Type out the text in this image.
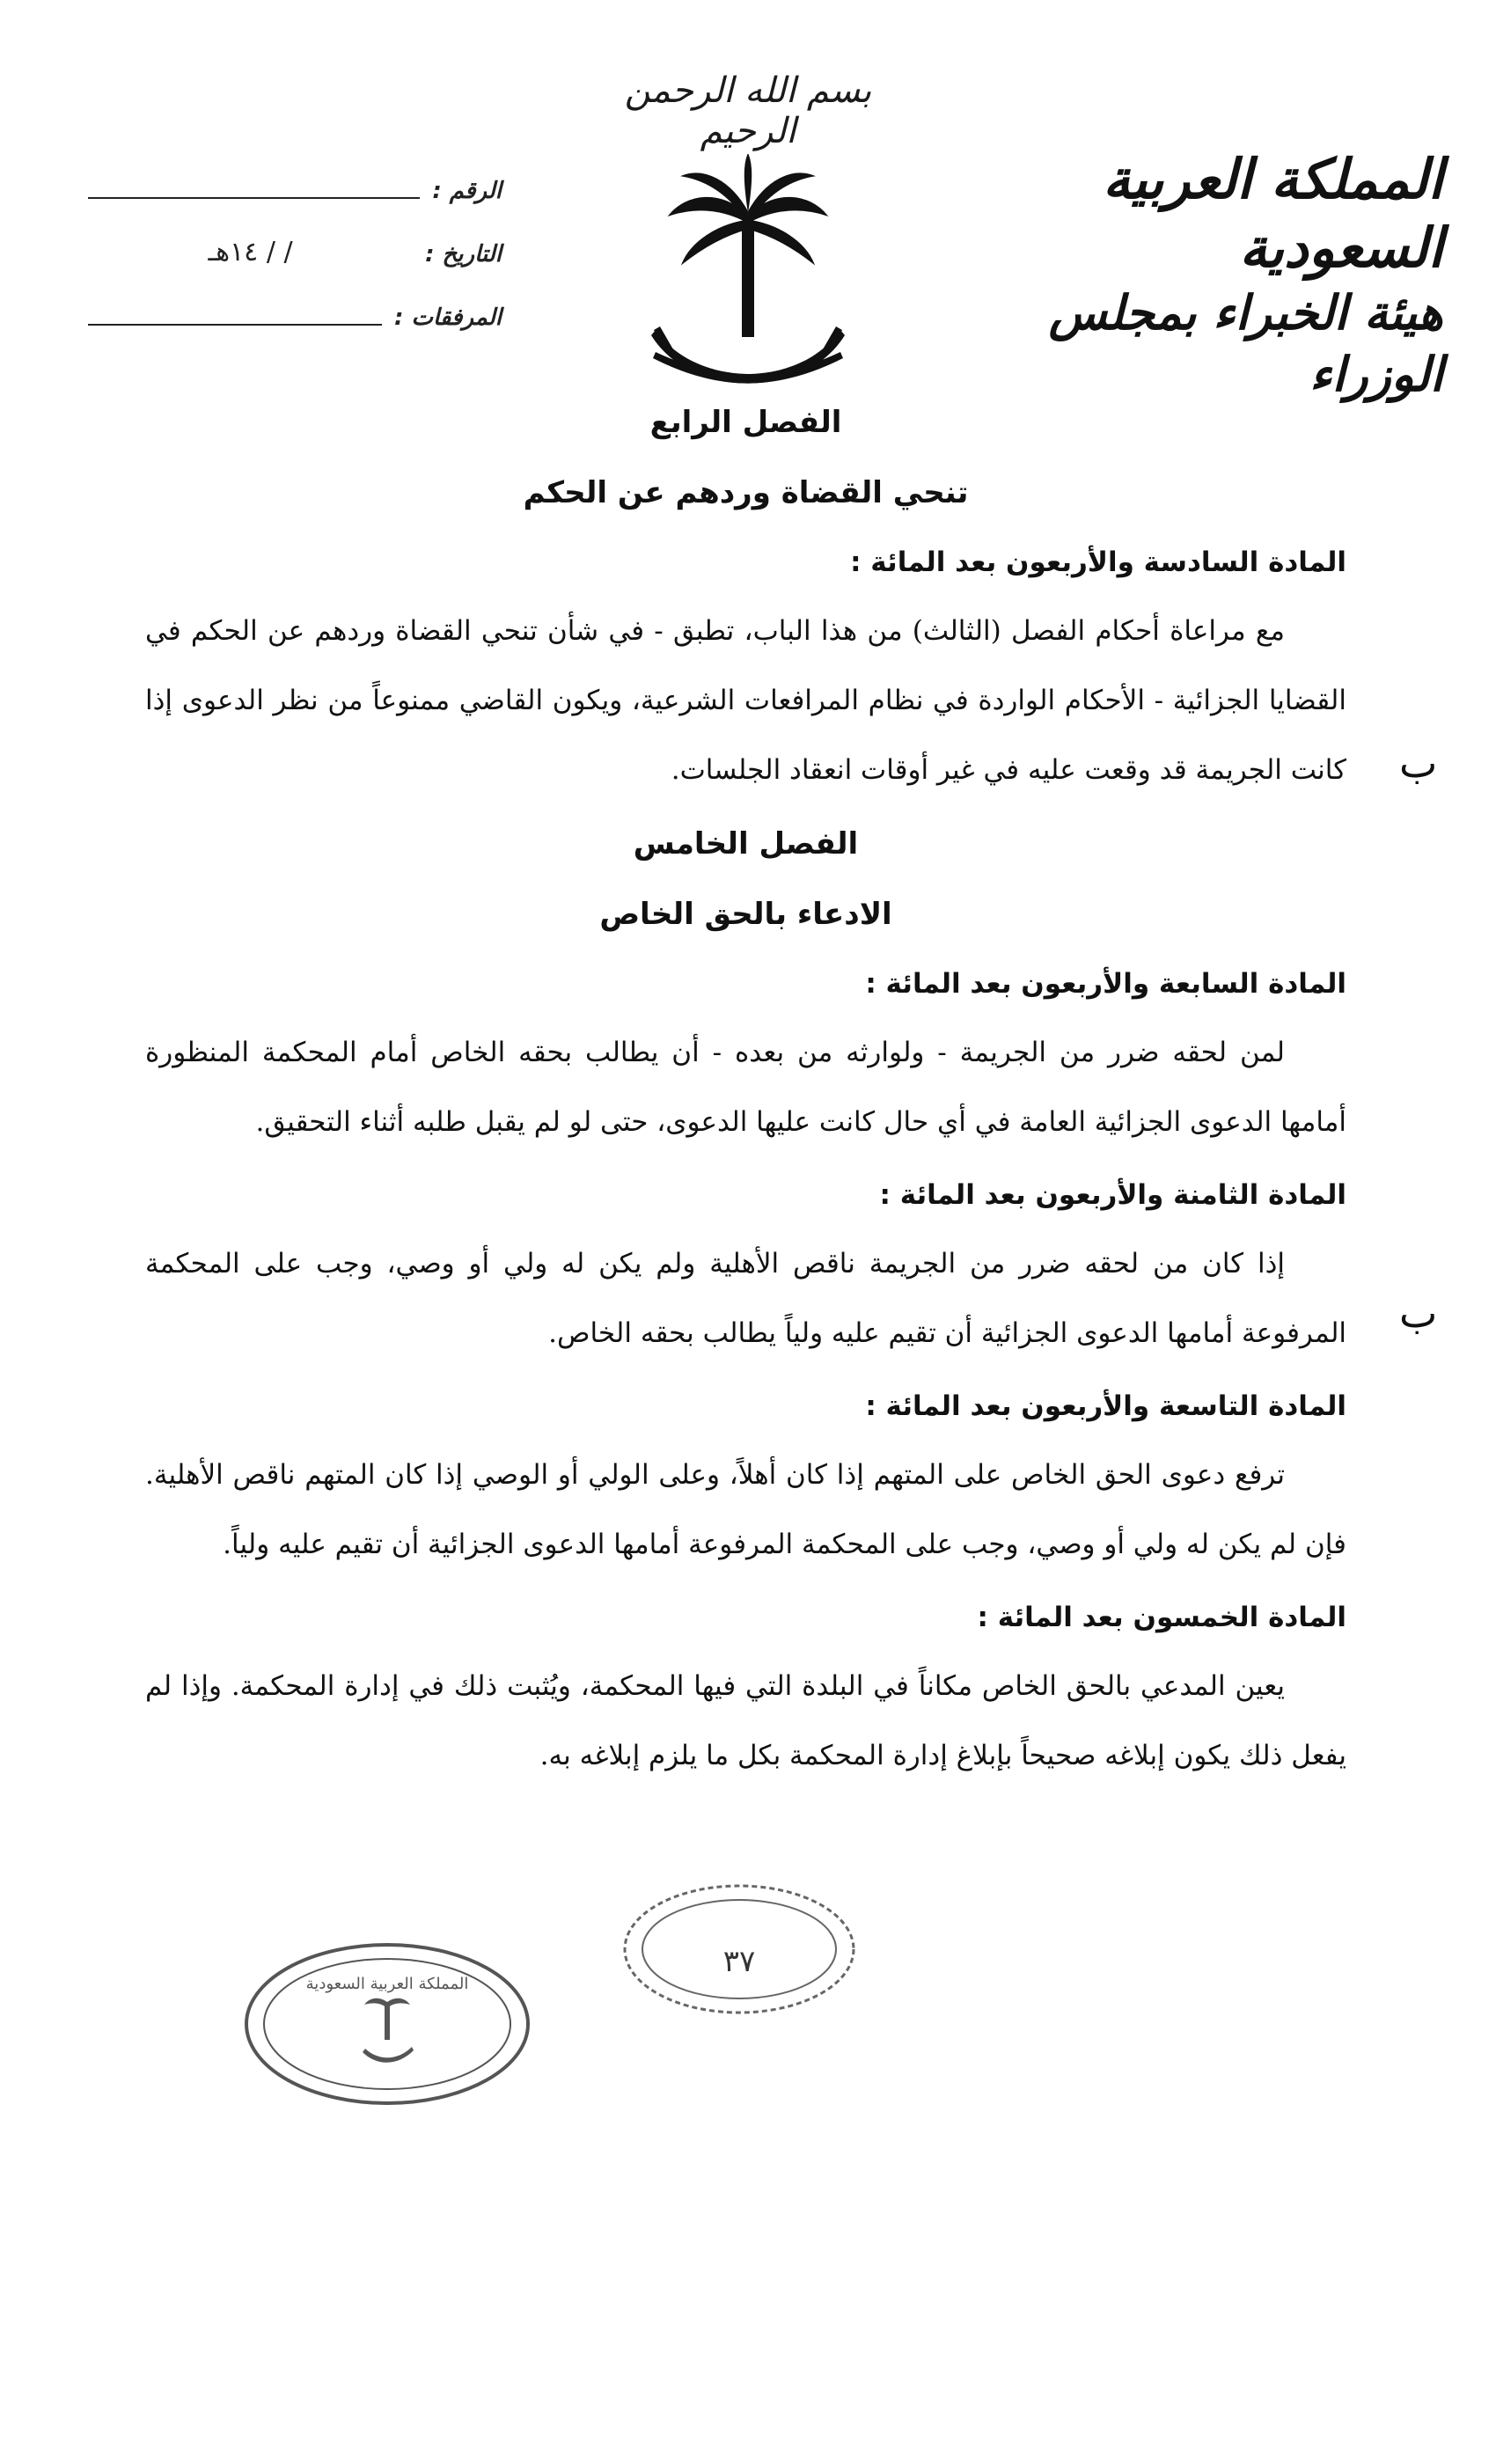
بسم الله الرحمن الرحيم
المملكة العربية السعودية
هيئة الخبراء بمجلس الوزراء
الرقم :
التاريخ :
/ / ١٤هـ
المرفقات :
الفصل الرابع
تنحي القضاة وردهم عن الحكم
المادة السادسة والأربعون بعد المائة :

مع مراعاة أحكام الفصل (الثالث) من هذا الباب، تطبق - في شأن تنحي القضاة وردهم عن الحكم في القضايا الجزائية - الأحكام الواردة في نظام المرافعات الشرعية، ويكون القاضي ممنوعاً من نظر الدعوى إذا كانت الجريمة قد وقعت عليه في غير أوقات انعقاد الجلسات.

الفصل الخامس
الادعاء بالحق الخاص
المادة السابعة والأربعون بعد المائة :

لمن لحقه ضرر من الجريمة - ولوارثه من بعده - أن يطالب بحقه الخاص أمام المحكمة المنظورة أمامها الدعوى الجزائية العامة في أي حال كانت عليها الدعوى، حتى لو لم يقبل طلبه أثناء التحقيق.

المادة الثامنة والأربعون بعد المائة :

إذا كان من لحقه ضرر من الجريمة ناقص الأهلية ولم يكن له ولي أو وصي، وجب على المحكمة المرفوعة أمامها الدعوى الجزائية أن تقيم عليه ولياً يطالب بحقه الخاص.

المادة التاسعة والأربعون بعد المائة :

ترفع دعوى الحق الخاص على المتهم إذا كان أهلاً، وعلى الولي أو الوصي إذا كان المتهم ناقص الأهلية. فإن لم يكن له ولي أو وصي، وجب على المحكمة المرفوعة أمامها الدعوى الجزائية أن تقيم عليه ولياً.

المادة الخمسون بعد المائة :

يعين المدعي بالحق الخاص مكاناً في البلدة التي فيها المحكمة، ويُثبت ذلك في إدارة المحكمة. وإذا لم يفعل ذلك يكون إبلاغه صحيحاً بإبلاغ إدارة المحكمة بكل ما يلزم إبلاغه به.

ب
ب
المملكة العربية السعودية
٣٧
